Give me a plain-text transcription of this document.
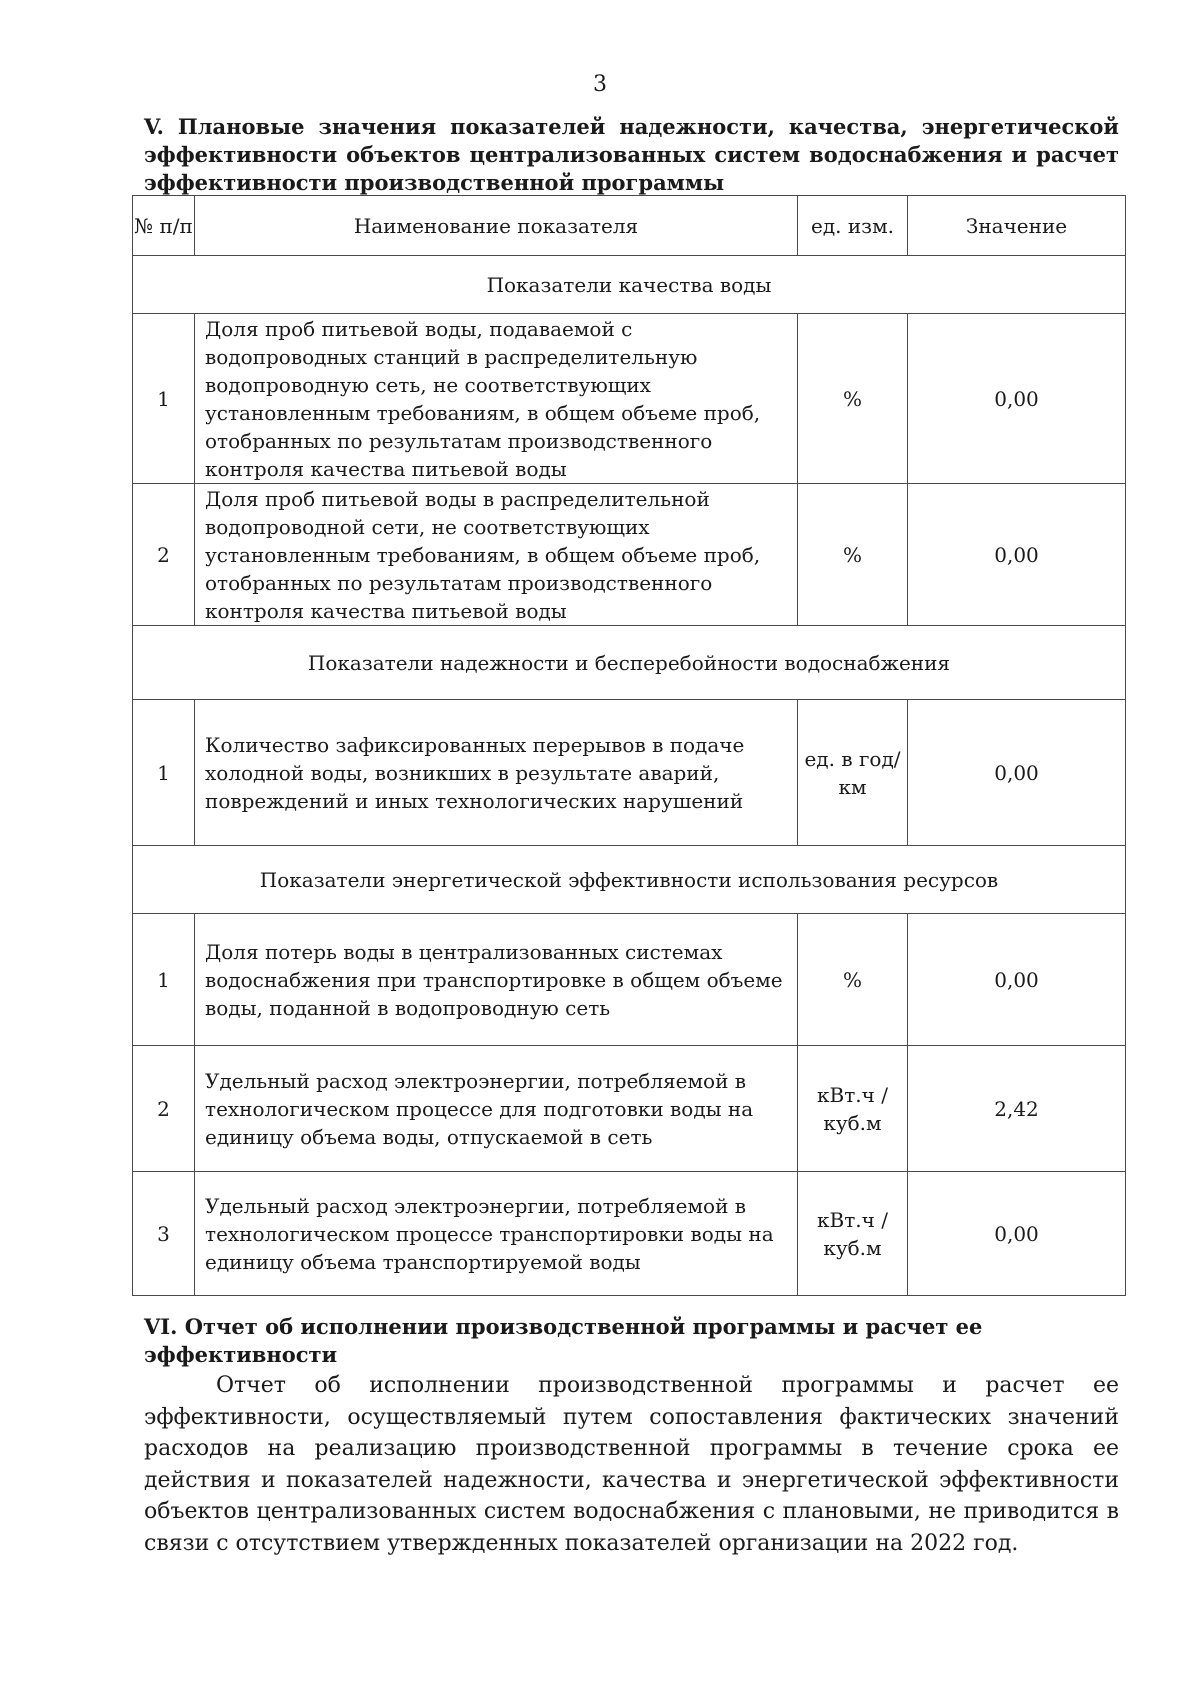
3
V. Плановые значения показателей надежности, качества, энергетической эффективности объектов централизованных систем водоснабжения и расчет эффективности производственной программы
№ п/п	Наименование показателя	ед. изм.	Значение
Показатели качества воды			
1	Доля проб питьевой воды, подаваемой с водопроводных станций в распределительную водопроводную сеть, не соответствующих установленным требованиям, в общем объеме проб, отобранных по результатам производственного контроля качества питьевой воды	%	0,00
2	Доля проб питьевой воды в распределительной водопроводной сети, не соответствующих установленным требованиям, в общем объеме проб, отобранных по результатам производственного контроля качества питьевой воды	%	0,00
Показатели надежности и бесперебойности водоснабжения			
1	Количество зафиксированных перерывов в подаче холодной воды, возникших в результате аварий, повреждений и иных технологических нарушений	ед. в год/ км	0,00
Показатели энергетической эффективности использования ресурсов			
1	Доля потерь воды в централизованных системах водоснабжения при транспортировке в общем объеме воды, поданной в водопроводную сеть	%	0,00
2	Удельный расход электроэнергии, потребляемой в технологическом процессе для подготовки воды на единицу объема воды, отпускаемой в сеть	кВт.ч / куб.м	2,42
3	Удельный расход электроэнергии, потребляемой в технологическом процессе транспортировки воды на единицу объема транспортируемой воды	кВт.ч / куб.м	0,00
VI. Отчет об исполнении производственной программы и расчет ее эффективности
Отчет об исполнении производственной программы и расчет ее эффективности, осуществляемый путем сопоставления фактических значений расходов на реализацию производственной программы в течение срока ее действия и показателей надежности, качества и энергетической эффективности объектов централизованных систем водоснабжения с плановыми, не приводится в связи с отсутствием утвержденных показателей организации на 2022 год.
